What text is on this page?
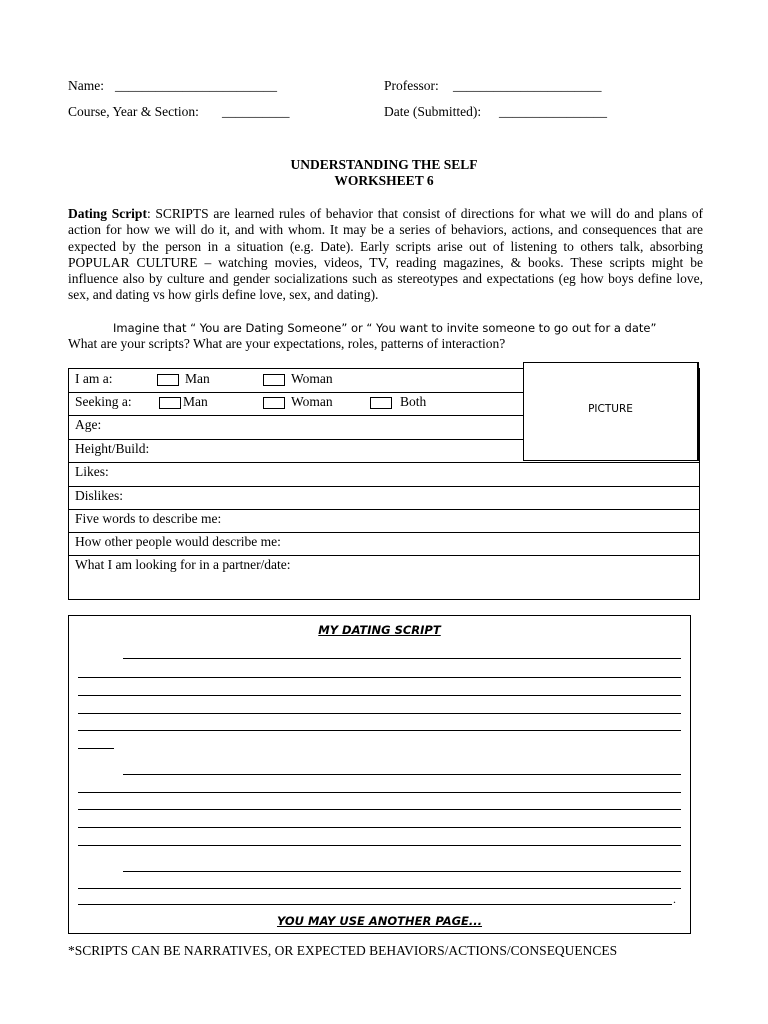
Name: ________________________	Professor: ______________________
Course, Year & Section: __________	Date (Submitted): ________________
UNDERSTANDING THE SELF
WORKSHEET 6
Dating Script: SCRIPTS are learned rules of behavior that consist of directions for what we will do and plans of action for how we will do it, and with whom. It may be a series of behaviors, actions, and consequences that are expected by the person in a situation (e.g. Date). Early scripts arise out of listening to others talk, absorbing POPULAR CULTURE – watching movies, videos, TV, reading magazines, & books. These scripts might be influence also by culture and gender socializations such as stereotypes and expectations (eg how boys define love, sex, and dating vs how girls define love, sex, and dating).
Imagine that “ You are Dating Someone” or “ You want to invite someone to go out for a date”
What are your scripts? What are your expectations, roles, patterns of interaction?
I am a:	Man	Woman
Seeking a:	Man	Woman	Both
Age:
Height/Build:
Likes:
Dislikes:
Five words to describe me:
How other people would describe me:
What I am looking for in a partner/date:
PICTURE
MY DATING SCRIPT
.
YOU MAY USE ANOTHER PAGE...
*SCRIPTS CAN BE NARRATIVES, OR EXPECTED BEHAVIORS/ACTIONS/CONSEQUENCES
